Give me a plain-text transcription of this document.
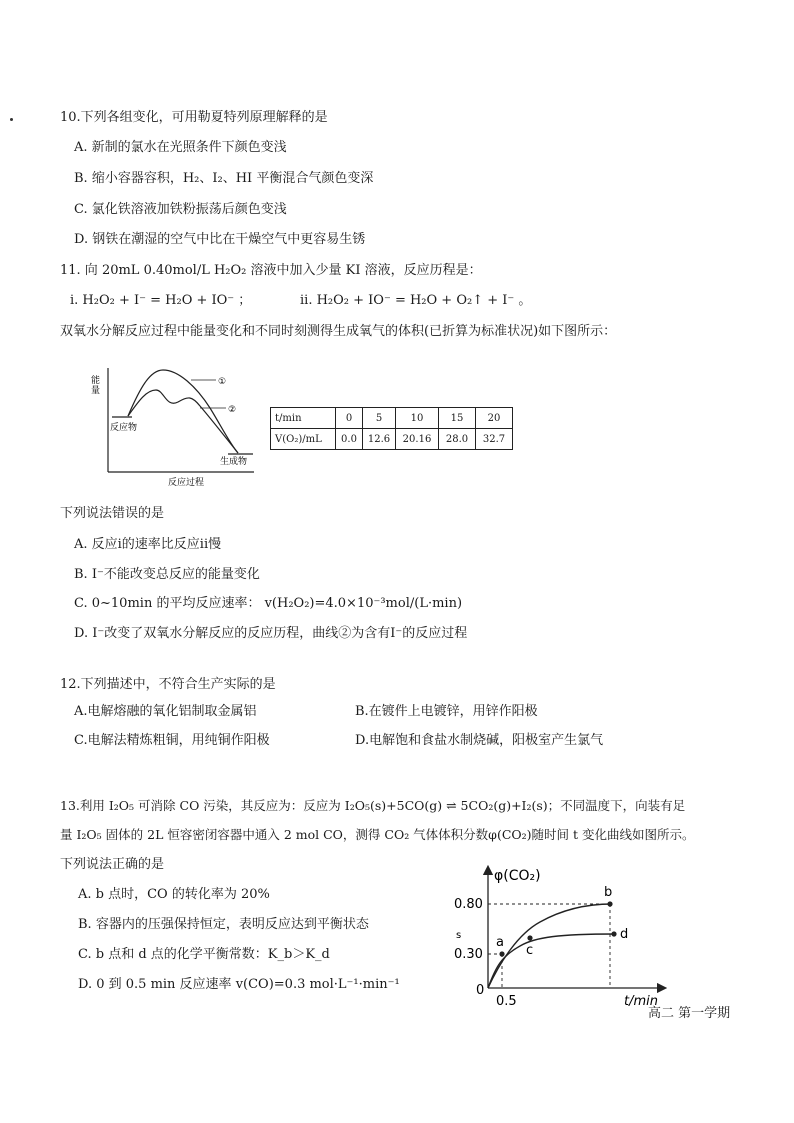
10.下列各组变化，可用勒夏特列原理解释的是
A. 新制的氯水在光照条件下颜色变浅
B. 缩小容器容积，H₂、I₂、HI 平衡混合气颜色变深
C. 氯化铁溶液加铁粉振荡后颜色变浅
D. 钢铁在潮湿的空气中比在干燥空气中更容易生锈
11. 向 20mL 0.40mol/L H₂O₂ 溶液中加入少量 KI 溶液，反应历程是：
i. H₂O₂ + I⁻ = H₂O + IO⁻ ；	ii. H₂O₂ + IO⁻ = H₂O + O₂↑ + I⁻ 。
双氧水分解反应过程中能量变化和不同时刻测得生成氧气的体积(已折算为标准状况)如下图所示：
能
量
①
②
反应物
生成物
反应过程
t/min	0	5	10	15	20
V(O₂)/mL	0.0	12.6	20.16	28.0	32.7
下列说法错误的是
A. 反应i的速率比反应ii慢
B. I⁻不能改变总反应的能量变化
C. 0~10min 的平均反应速率： v(H₂O₂)=4.0×10⁻³mol/(L·min)
D. I⁻改变了双氧水分解反应的反应历程，曲线②为含有I⁻的反应过程
12.下列描述中，不符合生产实际的是
A.电解熔融的氧化铝制取金属铝	B.在镀件上电镀锌，用锌作阳极
C.电解法精炼粗铜，用纯铜作阳极	D.电解饱和食盐水制烧碱，阳极室产生氯气
13.利用 I₂O₅ 可消除 CO 污染，其反应为：反应为 I₂O₅(s)+5CO(g) ⇌ 5CO₂(g)+I₂(s)；不同温度下，向装有足
量 I₂O₅ 固体的 2L 恒容密闭容器中通入 2 mol CO，测得 CO₂ 气体体积分数φ(CO₂)随时间 t 变化曲线如图所示。
下列说法正确的是
A. b 点时，CO 的转化率为 20%
B. 容器内的压强保持恒定，表明反应达到平衡状态
C. b 点和 d 点的化学平衡常数：K_b＞K_d
D. 0 到 0.5 min 反应速率 v(CO)=0.3 mol·L⁻¹·min⁻¹
φ(CO₂)
t/min
0.80
s
0.30
0
0.5
a
b
c
d
高二 第一学期
